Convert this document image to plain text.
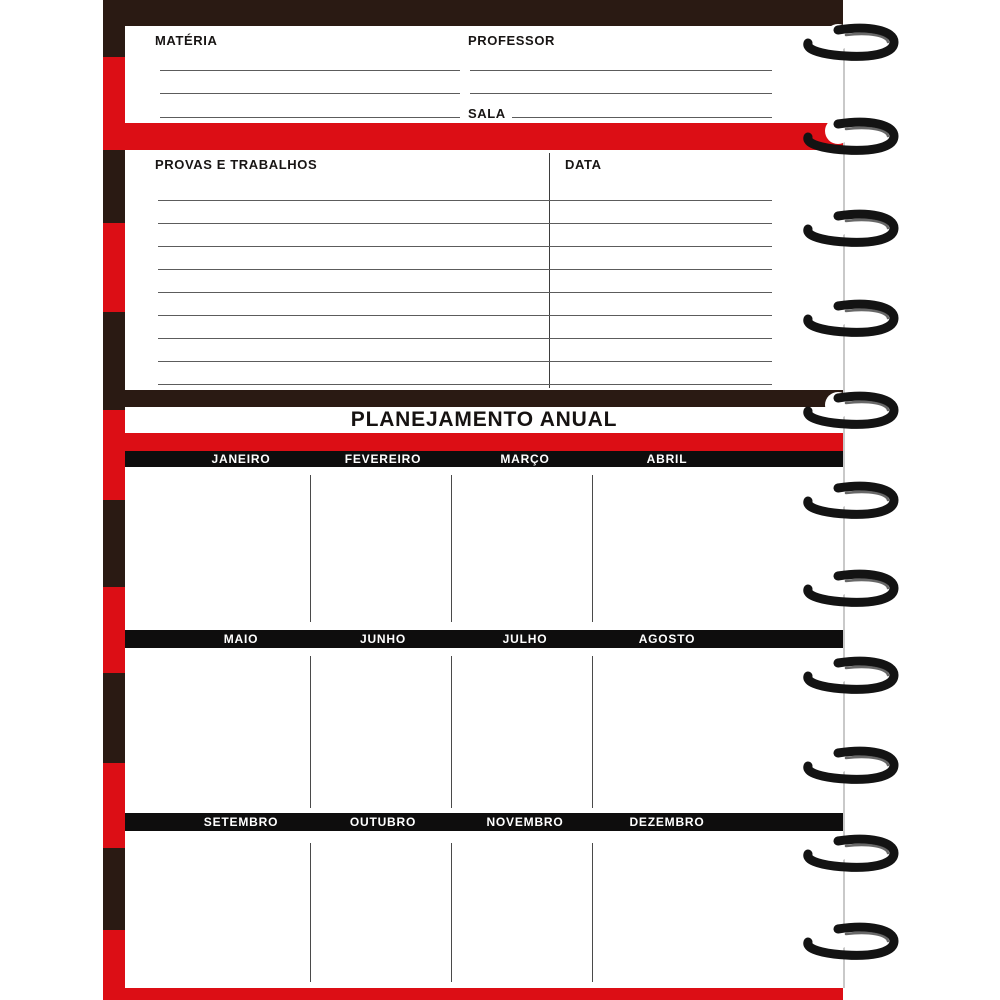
MATÉRIA	PROFESSOR
SALA
PROVAS E TRABALHOS	DATA
PLANEJAMENTO ANUAL
JANEIRO	FEVEREIRO	MARÇO	ABRIL
MAIO	JUNHO	JULHO	AGOSTO
SETEMBRO	OUTUBRO	NOVEMBRO	DEZEMBRO
